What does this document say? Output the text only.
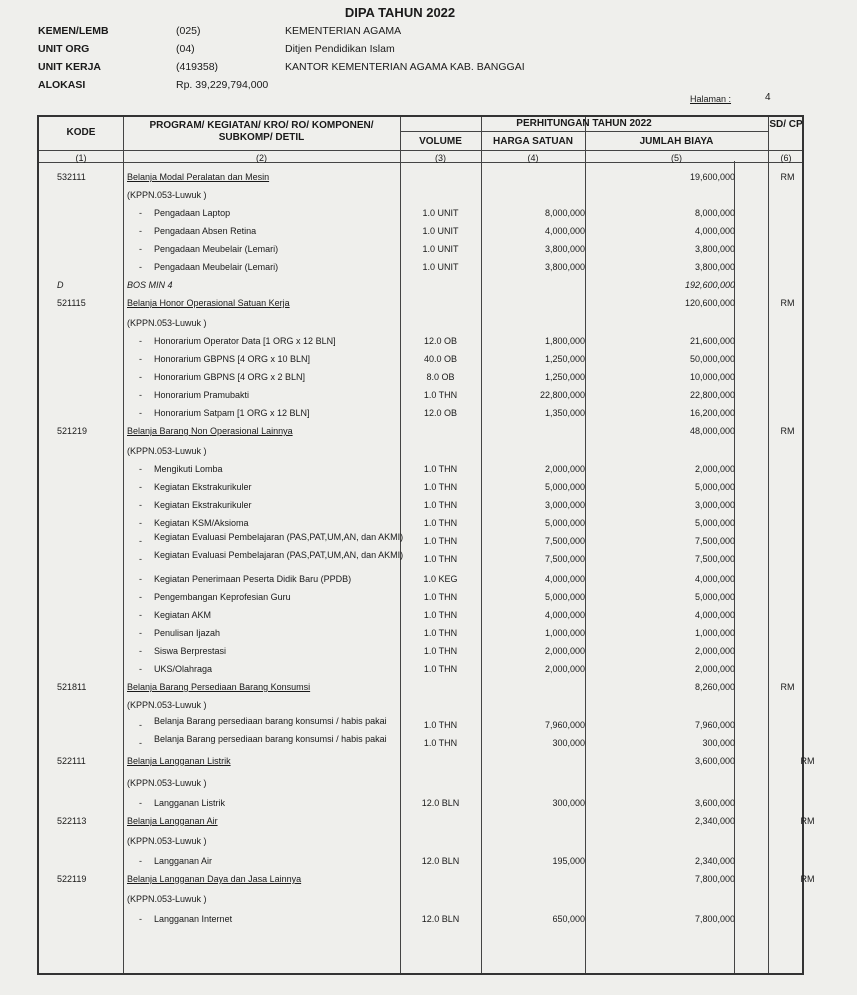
DIPA TAHUN 2022
KEMEN/LEMB	(025)	KEMENTERIAN AGAMA
UNIT ORG	(04)	Ditjen Pendidikan Islam
UNIT KERJA	(419358)	KANTOR KEMENTERIAN AGAMA KAB. BANGGAI
ALOKASI	Rp. 39,229,794,000
Halaman :	4
KODE
PROGRAM/ KEGIATAN/ KRO/ RO/ KOMPONEN/ SUBKOMP/ DETIL
PERHITUNGAN TAHUN 2022
VOLUME	HARGA SATUAN	JUMLAH BIAYA
SD/ CP
(1)	(2)	(3)	(4)	(5)	(6)
532111	Belanja Modal Peralatan dan Mesin	19,600,000	RM
(KPPN.053-Luwuk )
- Pengadaan Laptop	1.0 UNIT	8,000,000	8,000,000
- Pengadaan Absen Retina	1.0 UNIT	4,000,000	4,000,000
- Pengadaan Meubelair (Lemari)	1.0 UNIT	3,800,000	3,800,000
- Pengadaan Meubelair (Lemari)	1.0 UNIT	3,800,000	3,800,000
D	BOS MIN 4	192,600,000
521115	Belanja Honor Operasional Satuan Kerja	120,600,000	RM
(KPPN.053-Luwuk )
- Honorarium Operator Data [1 ORG x 12 BLN]	12.0 OB	1,800,000	21,600,000
- Honorarium GBPNS [4 ORG x 10 BLN]	40.0 OB	1,250,000	50,000,000
- Honorarium GBPNS [4 ORG x 2 BLN]	8.0 OB	1,250,000	10,000,000
- Honorarium Pramubakti	1.0 THN	22,800,000	22,800,000
- Honorarium Satpam [1 ORG x 12 BLN]	12.0 OB	1,350,000	16,200,000
521219	Belanja Barang Non Operasional Lainnya	48,000,000	RM
(KPPN.053-Luwuk )
- Mengikuti Lomba	1.0 THN	2,000,000	2,000,000
- Kegiatan Ekstrakurikuler	1.0 THN	5,000,000	5,000,000
- Kegiatan Ekstrakurikuler	1.0 THN	3,000,000	3,000,000
- Kegiatan KSM/Aksioma	1.0 THN	5,000,000	5,000,000
- Kegiatan Evaluasi Pembelajaran (PAS,PAT,UM,AN, dan AKMI)	1.0 THN	7,500,000	7,500,000
- Kegiatan Evaluasi Pembelajaran (PAS,PAT,UM,AN, dan AKMI)	1.0 THN	7,500,000	7,500,000
- Kegiatan Penerimaan Peserta Didik Baru (PPDB)	1.0 KEG	4,000,000	4,000,000
- Pengembangan Keprofesian Guru	1.0 THN	5,000,000	5,000,000
- Kegiatan AKM	1.0 THN	4,000,000	4,000,000
- Penulisan Ijazah	1.0 THN	1,000,000	1,000,000
- Siswa Berprestasi	1.0 THN	2,000,000	2,000,000
- UKS/Olahraga	1.0 THN	2,000,000	2,000,000
521811	Belanja Barang Persediaan Barang Konsumsi	8,260,000	RM
(KPPN.053-Luwuk )
- Belanja Barang persediaan barang konsumsi / habis pakai	1.0 THN	7,960,000	7,960,000
- Belanja Barang persediaan barang konsumsi / habis pakai	1.0 THN	300,000	300,000
522111	Belanja Langganan Listrik	3,600,000	RM
(KPPN.053-Luwuk )
- Langganan Listrik	12.0 BLN	300,000	3,600,000
522113	Belanja Langganan Air	2,340,000	RM
(KPPN.053-Luwuk )
- Langganan Air	12.0 BLN	195,000	2,340,000
522119	Belanja Langganan Daya dan Jasa Lainnya	7,800,000	RM
(KPPN.053-Luwuk )
- Langganan Internet	12.0 BLN	650,000	7,800,000
